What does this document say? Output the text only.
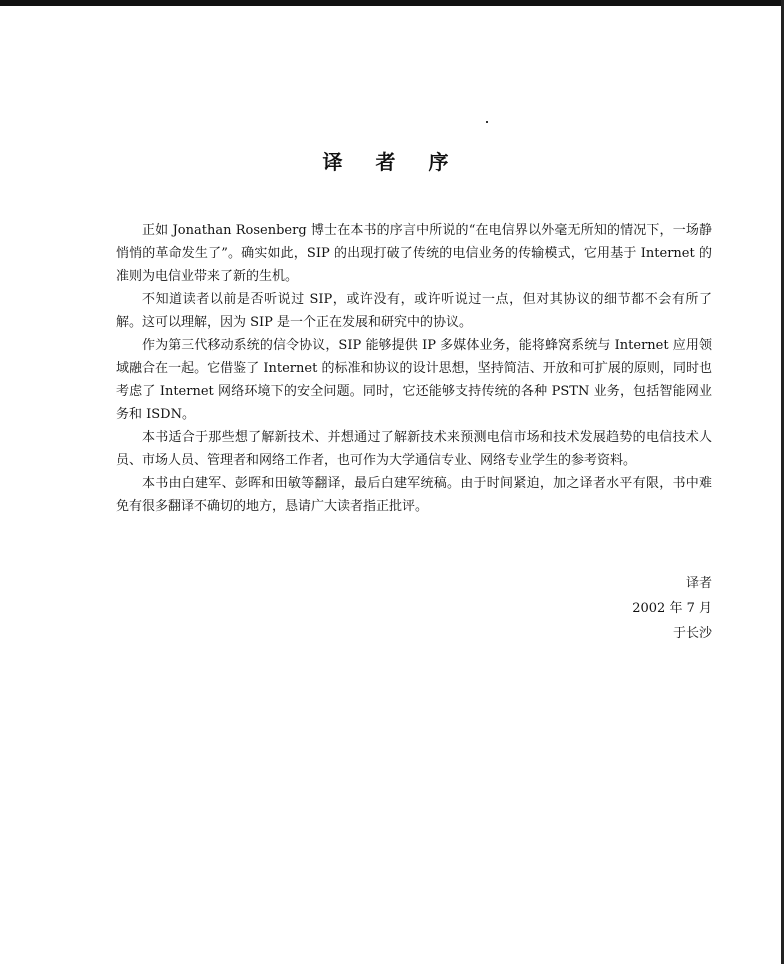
译 者 序

正如 Jonathan Rosenberg 博士在本书的序言中所说的“在电信界以外毫无所知的情况下，一场静悄悄的革命发生了”。确实如此，SIP 的出现打破了传统的电信业务的传输模式，它用基于 Internet 的准则为电信业带来了新的生机。

不知道读者以前是否听说过 SIP，或许没有，或许听说过一点，但对其协议的细节都不会有所了解。这可以理解，因为 SIP 是一个正在发展和研究中的协议。

作为第三代移动系统的信令协议，SIP 能够提供 IP 多媒体业务，能将蜂窝系统与 Internet 应用领域融合在一起。它借鉴了 Internet 的标准和协议的设计思想，坚持简洁、开放和可扩展的原则，同时也考虑了 Internet 网络环境下的安全问题。同时，它还能够支持传统的各种 PSTN 业务，包括智能网业务和 ISDN。

本书适合于那些想了解新技术、并想通过了解新技术来预测电信市场和技术发展趋势的电信技术人员、市场人员、管理者和网络工作者，也可作为大学通信专业、网络专业学生的参考资料。

本书由白建军、彭晖和田敏等翻译，最后白建军统稿。由于时间紧迫，加之译者水平有限，书中难免有很多翻译不确切的地方，恳请广大读者指正批评。

译者
2002 年 7 月
于长沙
